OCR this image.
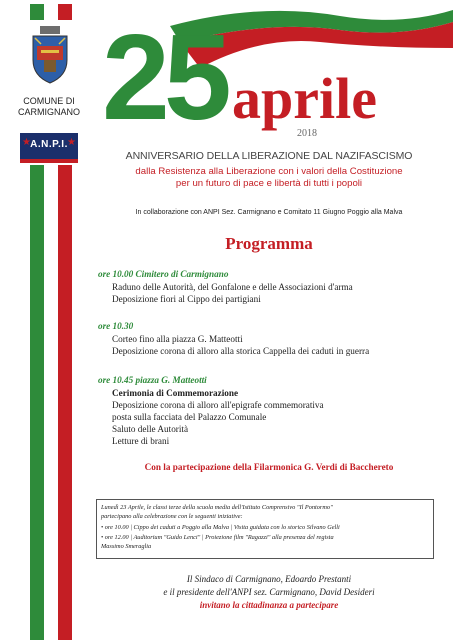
COMUNE DI
CARMIGNANO
★	★
A.N.P.I. 25 aprile
2018
ANNIVERSARIO DELLA LIBERAZIONE DAL NAZIFASCISMO
dalla Resistenza alla Liberazione con i valori della Costituzione
per un futuro di pace e libertà di tutti i popoli
In collaborazione con ANPI Sez. Carmignano e Comitato 11 Giugno Poggio alla Malva
Programma
ore 10.00 Cimitero di Carmignano
Raduno delle Autorità, del Gonfalone e delle Associazioni d'arma
Deposizione fiori al Cippo dei partigiani
ore 10.30
Corteo fino alla piazza G. Matteotti
Deposizione corona di alloro alla storica Cappella dei caduti in guerra
ore 10.45 piazza G. Matteotti
Cerimonia di Commemorazione
Deposizione corona di alloro all'epigrafe commemorativa
posta sulla facciata del Palazzo Comunale
Saluto delle Autorità
Letture di brani
Con la partecipazione della Filarmonica G. Verdi di Bacchereto
Lunedì 23 Aprile, le classi terze della scuola media dell'Istituto Comprensivo "Il Pontormo"
partecipano alla celebrazione con le seguenti iniziative:
• ore 10.00 | Cippo dei caduti a Poggio alla Malva | Visita guidata con lo storico Silvano Gelli
• ore 12.00 | Auditorium "Guido Lenci" | Proiezione film "Ragazzi" alla presenza del regista
Massimo Smeraglia
Il Sindaco di Carmignano, Edoardo Prestanti
e il presidente dell'ANPI sez. Carmignano, David Desideri
invitano la cittadinanza a partecipare
